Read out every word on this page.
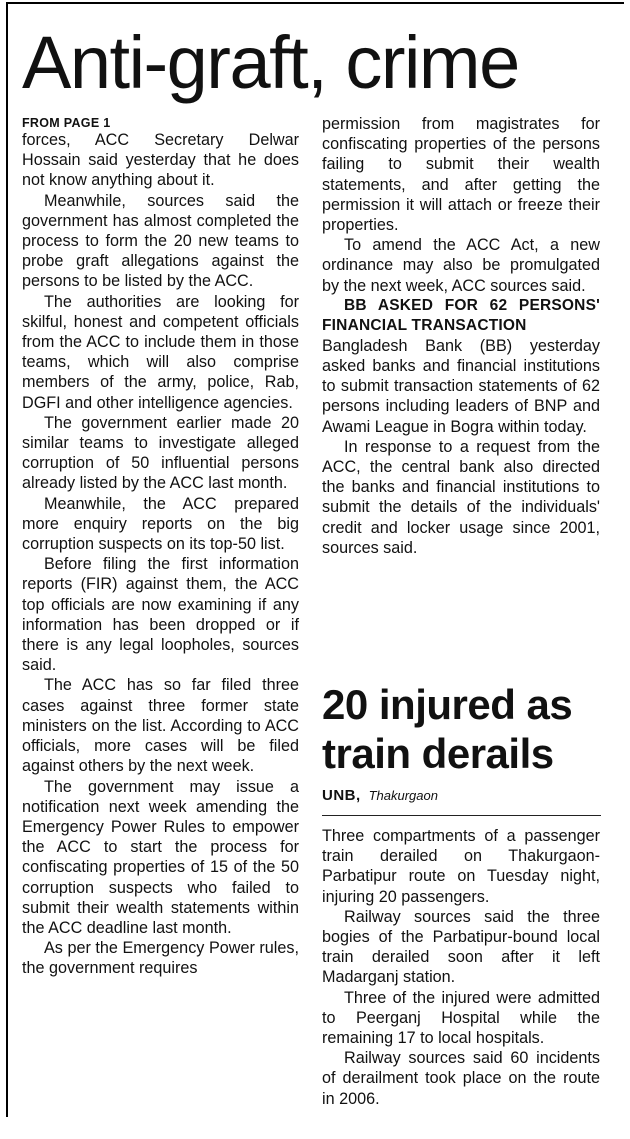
Anti-graft, crime
FROM PAGE 1

forces, ACC Secretary Delwar Hossain said yesterday that he does not know anything about it.

Meanwhile, sources said the government has almost completed the process to form the 20 new teams to probe graft allegations against the persons to be listed by the ACC.

The authorities are looking for skilful, honest and competent officials from the ACC to include them in those teams, which will also comprise members of the army, police, Rab, DGFI and other intelligence agencies.

The government earlier made 20 similar teams to investigate alleged corruption of 50 influential persons already listed by the ACC last month.

Meanwhile, the ACC prepared more enquiry reports on the big corruption suspects on its top-50 list.

Before filing the first information reports (FIR) against them, the ACC top officials are now examining if any information has been dropped or if there is any legal loopholes, sources said.

The ACC has so far filed three cases against three former state ministers on the list. According to ACC officials, more cases will be filed against others by the next week.

The government may issue a notification next week amending the Emergency Power Rules to empower the ACC to start the process for confiscating properties of 15 of the 50 corruption suspects who failed to submit their wealth statements within the ACC deadline last month.

As per the Emergency Power rules, the government requires

permission from magistrates for confiscating properties of the persons failing to submit their wealth statements, and after getting the permission it will attach or freeze their properties.

To amend the ACC Act, a new ordinance may also be promulgated by the next week, ACC sources said.

BB ASKED FOR 62 PERSONS' FINANCIAL TRANSACTION

Bangladesh Bank (BB) yesterday asked banks and financial institutions to submit transaction statements of 62 persons including leaders of BNP and Awami League in Bogra within today.

In response to a request from the ACC, the central bank also directed the banks and financial institutions to submit the details of the individuals' credit and locker usage since 2001, sources said.

20 injured as
train derails
UNB, Thakurgaon

Three compartments of a passenger train derailed on Thakurgaon-Parbatipur route on Tuesday night, injuring 20 passengers.

Railway sources said the three bogies of the Parbatipur-bound local train derailed soon after it left Madarganj station.

Three of the injured were admitted to Peerganj Hospital while the remaining 17 to local hospitals.

Railway sources said 60 incidents of derailment took place on the route in 2006.
